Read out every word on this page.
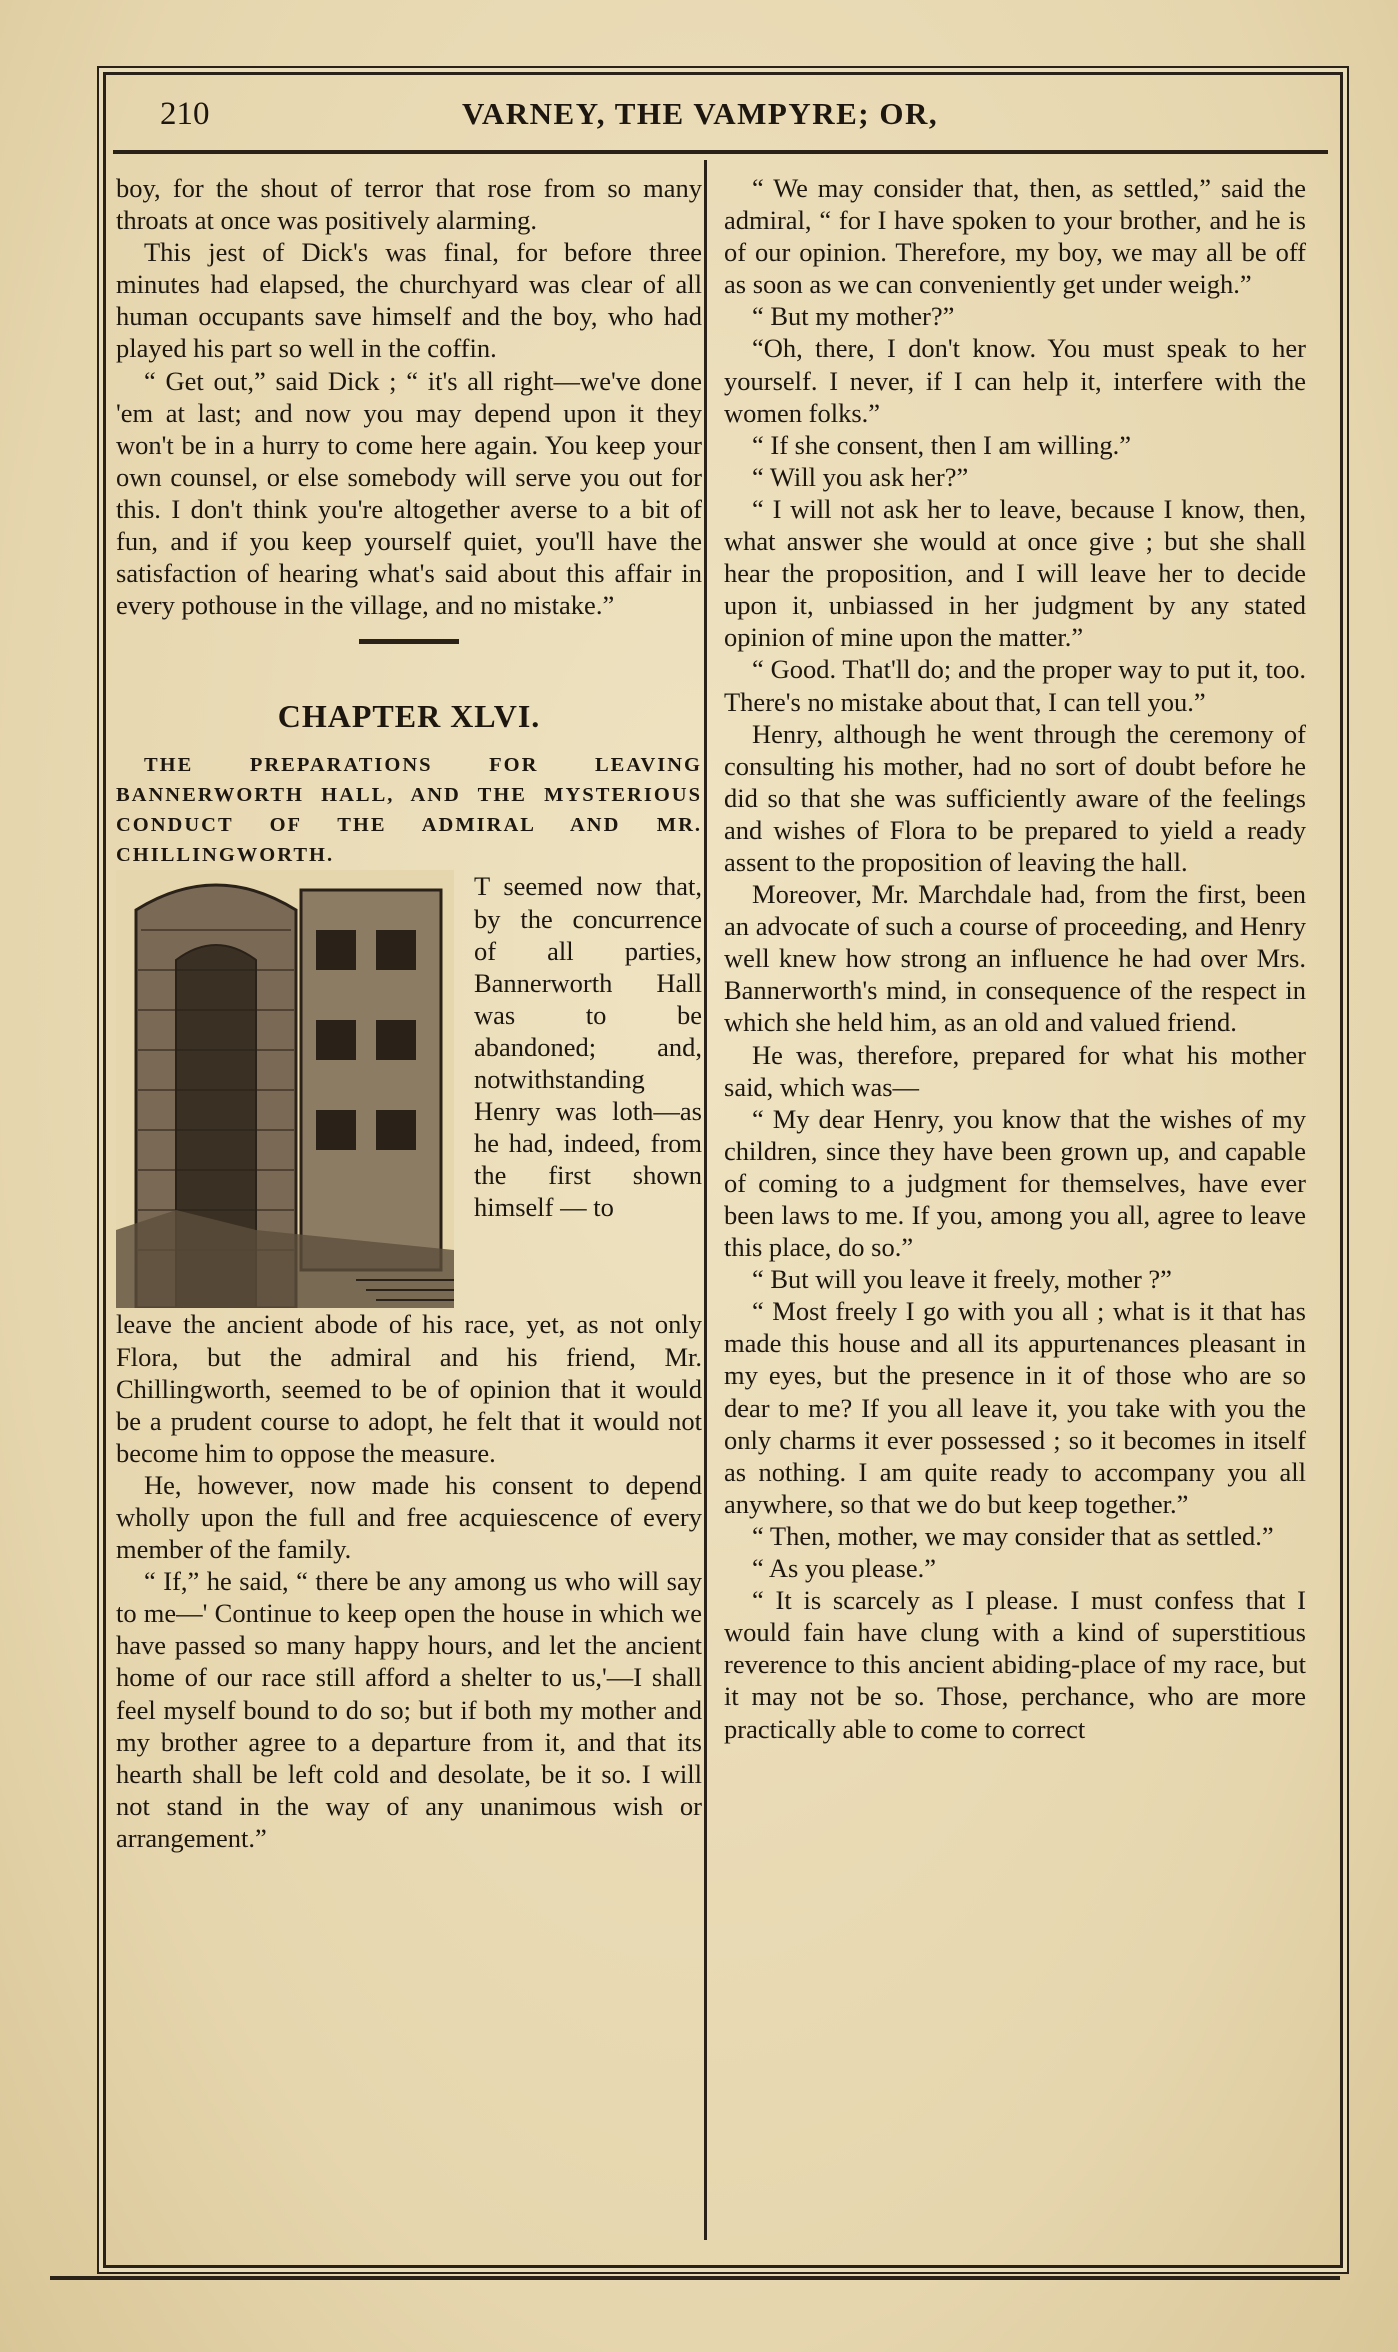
210	VARNEY, THE VAMPYRE; OR,

boy, for the shout of terror that rose from so many throats at once was positively alarming.

This jest of Dick's was final, for before three minutes had elapsed, the churchyard was clear of all human occupants save himself and the boy, who had played his part so well in the coffin.

“ Get out,” said Dick ; “ it's all right—we've done 'em at last; and now you may depend upon it they won't be in a hurry to come here again. You keep your own counsel, or else somebody will serve you out for this. I don't think you're altogether averse to a bit of fun, and if you keep yourself quiet, you'll have the satisfaction of hearing what's said about this affair in every pothouse in the village, and no mistake.”

CHAPTER XLVI.

THE PREPARATIONS FOR LEAVING BANNERWORTH HALL, AND THE MYSTERIOUS CONDUCT OF THE ADMIRAL AND MR. CHILLINGWORTH.

T seemed now that, by the concurrence of all parties, Bannerworth Hall was to be abandoned; and, notwithstanding Henry was loth—as he had, indeed, from the first shown himself — to

leave the ancient abode of his race, yet, as not only Flora, but the admiral and his friend, Mr. Chillingworth, seemed to be of opinion that it would be a prudent course to adopt, he felt that it would not become him to oppose the measure.

He, however, now made his consent to depend wholly upon the full and free acquiescence of every member of the family.

“ If,” he said, “ there be any among us who will say to me—' Continue to keep open the house in which we have passed so many happy hours, and let the ancient home of our race still afford a shelter to us,'—I shall feel myself bound to do so; but if both my mother and my brother agree to a departure from it, and that its hearth shall be left cold and desolate, be it so. I will not stand in the way of any unanimous wish or arrangement.”

“ We may consider that, then, as settled,” said the admiral, “ for I have spoken to your brother, and he is of our opinion. Therefore, my boy, we may all be off as soon as we can conveniently get under weigh.”

“ But my mother?”

“Oh, there, I don't know. You must speak to her yourself. I never, if I can help it, interfere with the women folks.”

“ If she consent, then I am willing.”

“ Will you ask her?”

“ I will not ask her to leave, because I know, then, what answer she would at once give ; but she shall hear the proposition, and I will leave her to decide upon it, unbiassed in her judgment by any stated opinion of mine upon the matter.”

“ Good. That'll do; and the proper way to put it, too. There's no mistake about that, I can tell you.”

Henry, although he went through the ceremony of consulting his mother, had no sort of doubt before he did so that she was sufficiently aware of the feelings and wishes of Flora to be prepared to yield a ready assent to the proposition of leaving the hall.

Moreover, Mr. Marchdale had, from the first, been an advocate of such a course of proceeding, and Henry well knew how strong an influence he had over Mrs. Bannerworth's mind, in consequence of the respect in which she held him, as an old and valued friend.

He was, therefore, prepared for what his mother said, which was—

“ My dear Henry, you know that the wishes of my children, since they have been grown up, and capable of coming to a judgment for themselves, have ever been laws to me. If you, among you all, agree to leave this place, do so.”

“ But will you leave it freely, mother ?”

“ Most freely I go with you all ; what is it that has made this house and all its appurtenances pleasant in my eyes, but the presence in it of those who are so dear to me? If you all leave it, you take with you the only charms it ever possessed ; so it becomes in itself as nothing. I am quite ready to accompany you all anywhere, so that we do but keep together.”

“ Then, mother, we may consider that as settled.”

“ As you please.”

“ It is scarcely as I please. I must confess that I would fain have clung with a kind of superstitious reverence to this ancient abiding-place of my race, but it may not be so. Those, perchance, who are more practically able to come to correct
